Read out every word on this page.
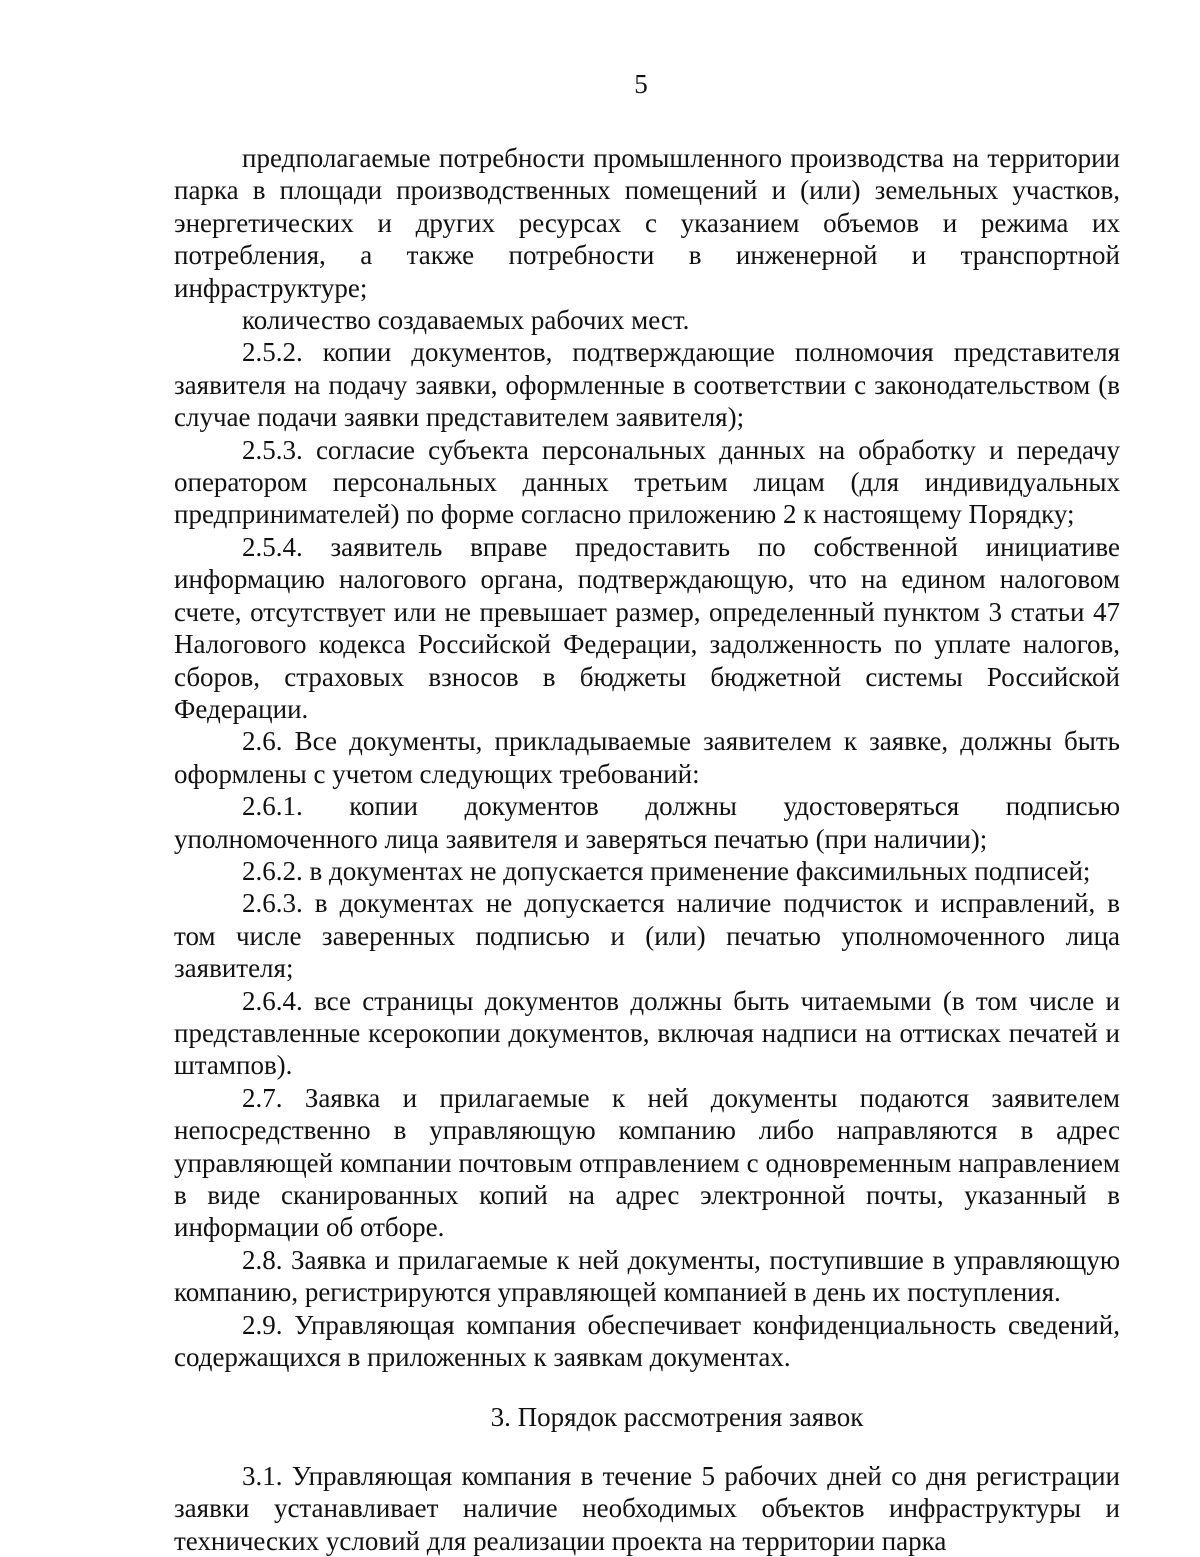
5

предполагаемые потребности промышленного производства на территории парка в площади производственных помещений и (или) земельных участков, энергетических и других ресурсах с указанием объемов и режима их потребления, а также потребности в инженерной и транспортной инфраструктуре;

количество создаваемых рабочих мест.

2.5.2. копии документов, подтверждающие полномочия представителя заявителя на подачу заявки, оформленные в соответствии с законодательством (в случае подачи заявки представителем заявителя);

2.5.3. согласие субъекта персональных данных на обработку и передачу оператором персональных данных третьим лицам (для индивидуальных предпринимателей) по форме согласно приложению 2 к настоящему Порядку;

2.5.4. заявитель вправе предоставить по собственной инициативе информацию налогового органа, подтверждающую, что на едином налоговом счете, отсутствует или не превышает размер, определенный пунктом 3 статьи 47 Налогового кодекса Российской Федерации, задолженность по уплате налогов, сборов, страховых взносов в бюджеты бюджетной системы Российской Федерации.

2.6. Все документы, прикладываемые заявителем к заявке, должны быть оформлены с учетом следующих требований:

2.6.1. копии документов должны удостоверяться подписью уполномоченного лица заявителя и заверяться печатью (при наличии);

2.6.2. в документах не допускается применение факсимильных подписей;

2.6.3. в документах не допускается наличие подчисток и исправлений, в том числе заверенных подписью и (или) печатью уполномоченного лица заявителя;

2.6.4. все страницы документов должны быть читаемыми (в том числе и представленные ксерокопии документов, включая надписи на оттисках печатей и штампов).

2.7. Заявка и прилагаемые к ней документы подаются заявителем непосредственно в управляющую компанию либо направляются в адрес управляющей компании почтовым отправлением с одновременным направлением в виде сканированных копий на адрес электронной почты, указанный в информации об отборе.

2.8. Заявка и прилагаемые к ней документы, поступившие в управляющую компанию, регистрируются управляющей компанией в день их поступления.

2.9. Управляющая компания обеспечивает конфиденциальность сведений, содержащихся в приложенных к заявкам документах.

3. Порядок рассмотрения заявок

3.1. Управляющая компания в течение 5 рабочих дней со дня регистрации заявки устанавливает наличие необходимых объектов инфраструктуры и технических условий для реализации проекта на территории парка
